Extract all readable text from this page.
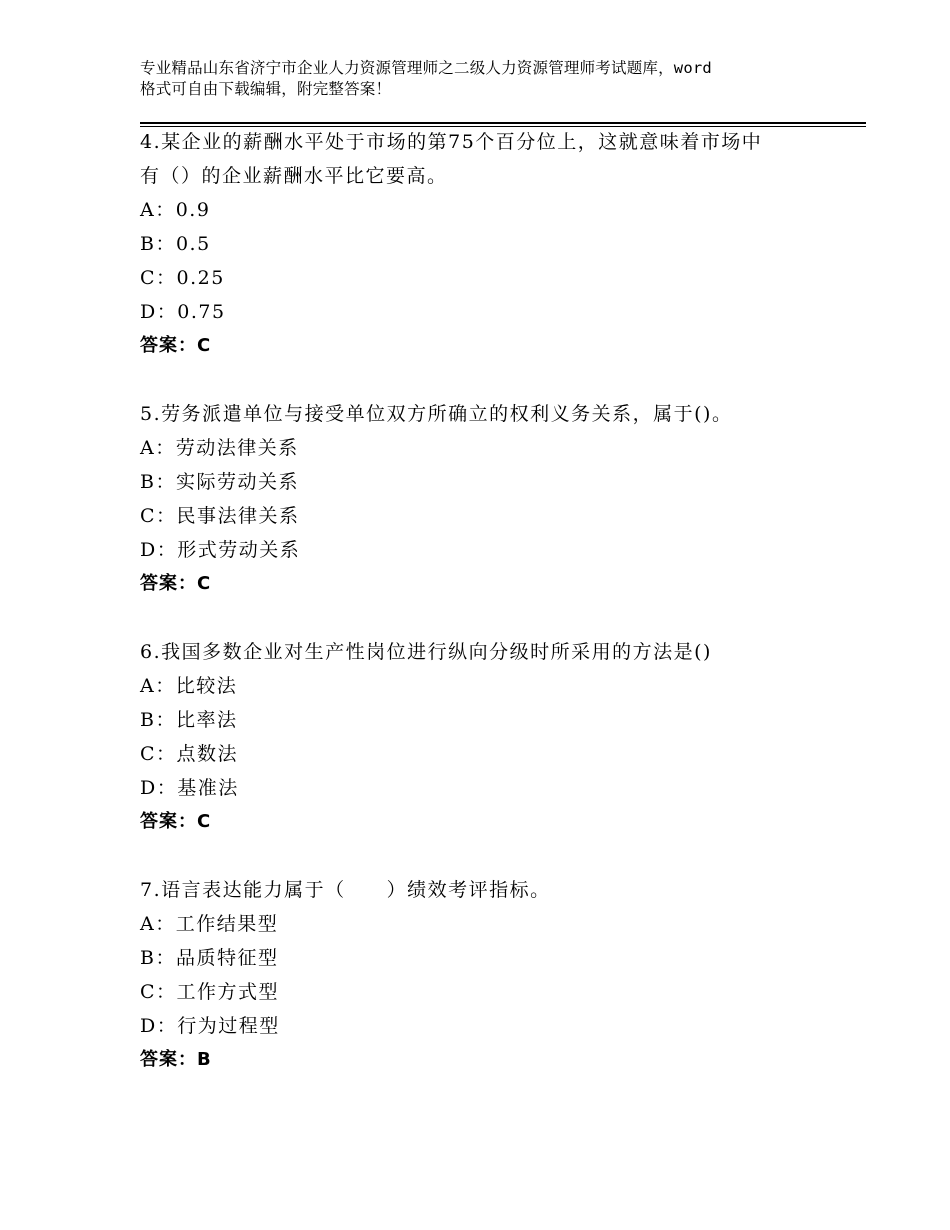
专业精品山东省济宁市企业人力资源管理师之二级人力资源管理师考试题库，word
格式可自由下载编辑，附完整答案！
4.某企业的薪酬水平处于市场的第75个百分位上，这就意味着市场中
有（）的企业薪酬水平比它要高。
A：0.9
B：0.5
C：0.25
D：0.75
答案：C
5.劳务派遣单位与接受单位双方所确立的权利义务关系，属于()。
A：劳动法律关系
B：实际劳动关系
C：民事法律关系
D：形式劳动关系
答案：C
6.我国多数企业对生产性岗位进行纵向分级时所采用的方法是()
A：比较法
B：比率法
C：点数法
D：基准法
答案：C
7.语言表达能力属于（　　）绩效考评指标。
A：工作结果型
B：品质特征型
C：工作方式型
D：行为过程型
答案：B
